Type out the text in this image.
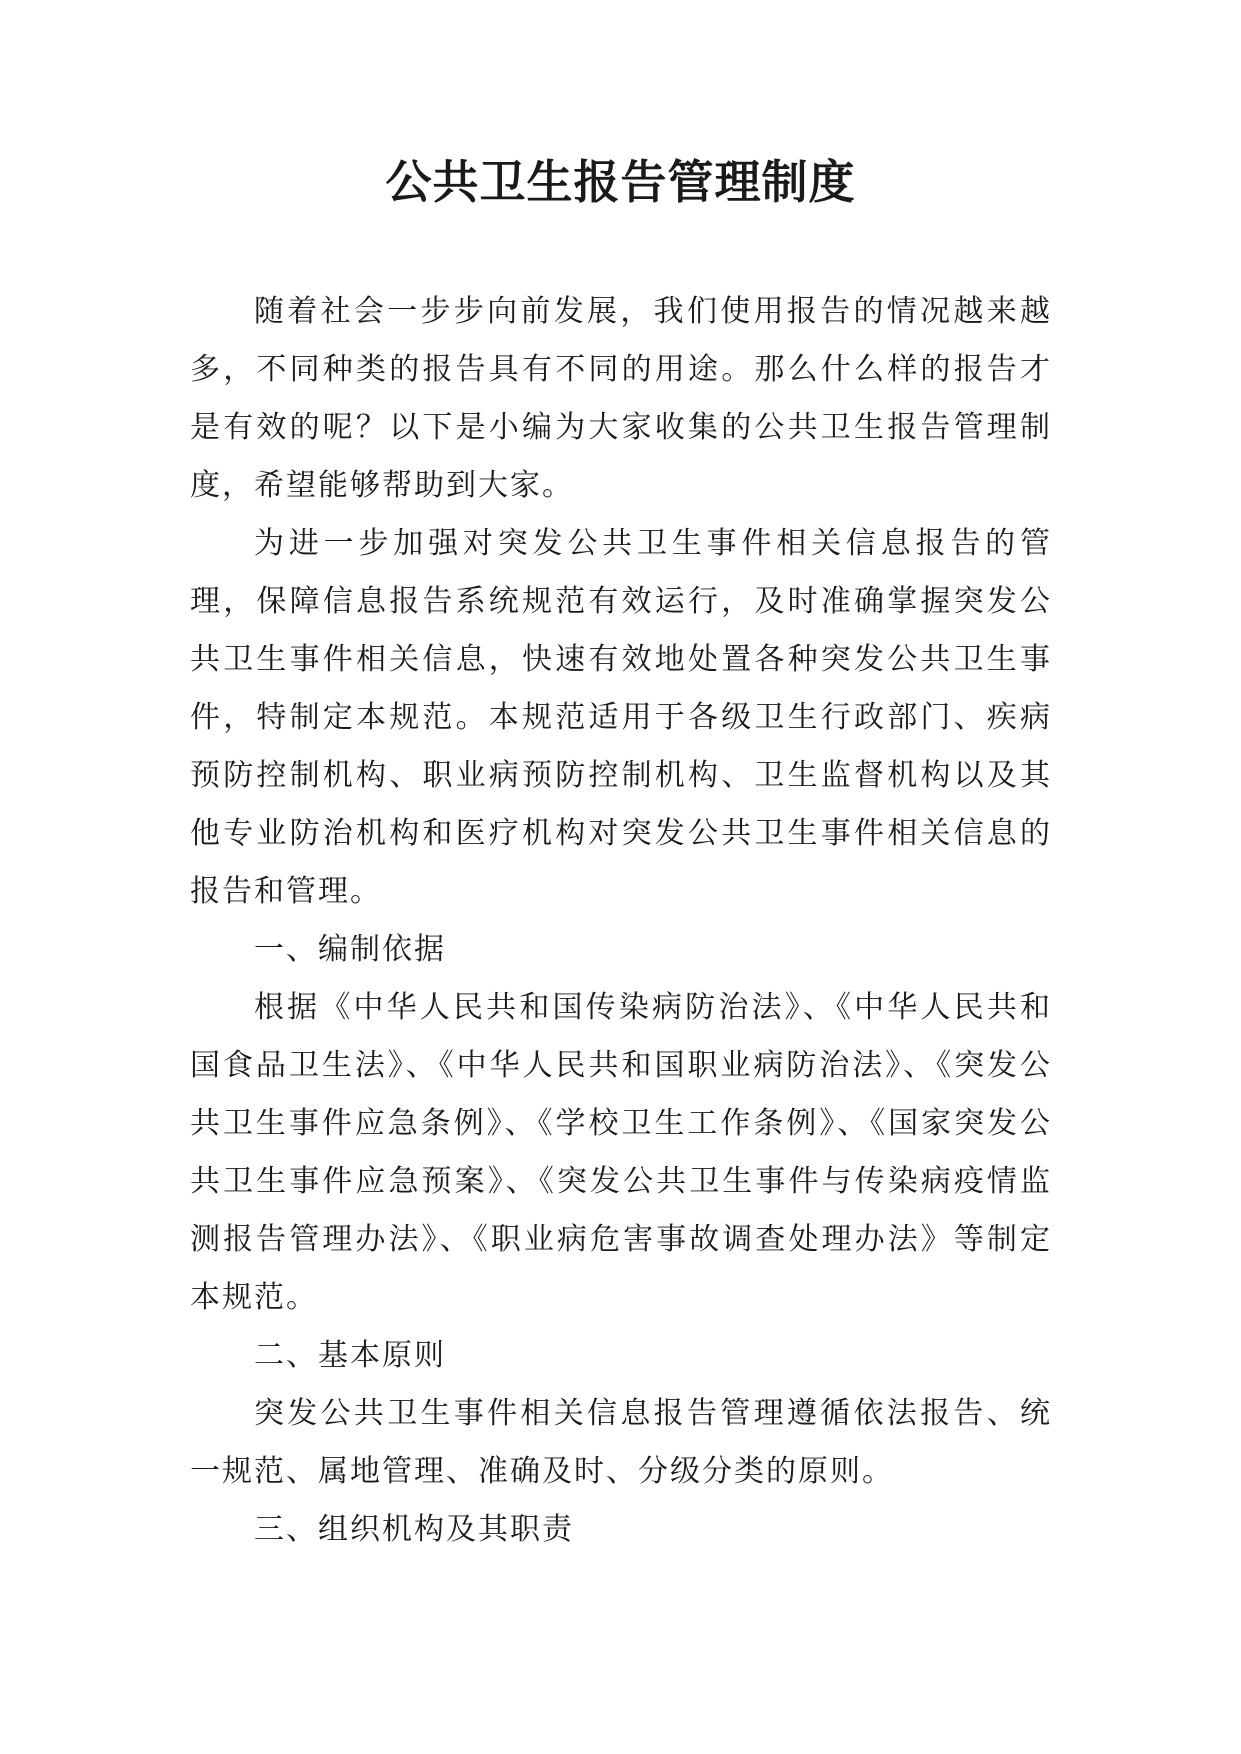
公共卫生报告管理制度

随着社会一步步向前发展，我们使用报告的情况越来越多，不同种类的报告具有不同的用途。那么什么样的报告才是有效的呢？以下是小编为大家收集的公共卫生报告管理制度，希望能够帮助到大家。

为进一步加强对突发公共卫生事件相关信息报告的管理，保障信息报告系统规范有效运行，及时准确掌握突发公共卫生事件相关信息，快速有效地处置各种突发公共卫生事件，特制定本规范。本规范适用于各级卫生行政部门、疾病预防控制机构、职业病预防控制机构、卫生监督机构以及其他专业防治机构和医疗机构对突发公共卫生事件相关信息的报告和管理。

一、编制依据

根据《中华人民共和国传染病防治法》、《中华人民共和国食品卫生法》、《中华人民共和国职业病防治法》、《突发公共卫生事件应急条例》、《学校卫生工作条例》、《国家突发公共卫生事件应急预案》、《突发公共卫生事件与传染病疫情监测报告管理办法》、《职业病危害事故调查处理办法》等制定本规范。

二、基本原则

突发公共卫生事件相关信息报告管理遵循依法报告、统一规范、属地管理、准确及时、分级分类的原则。

三、组织机构及其职责
